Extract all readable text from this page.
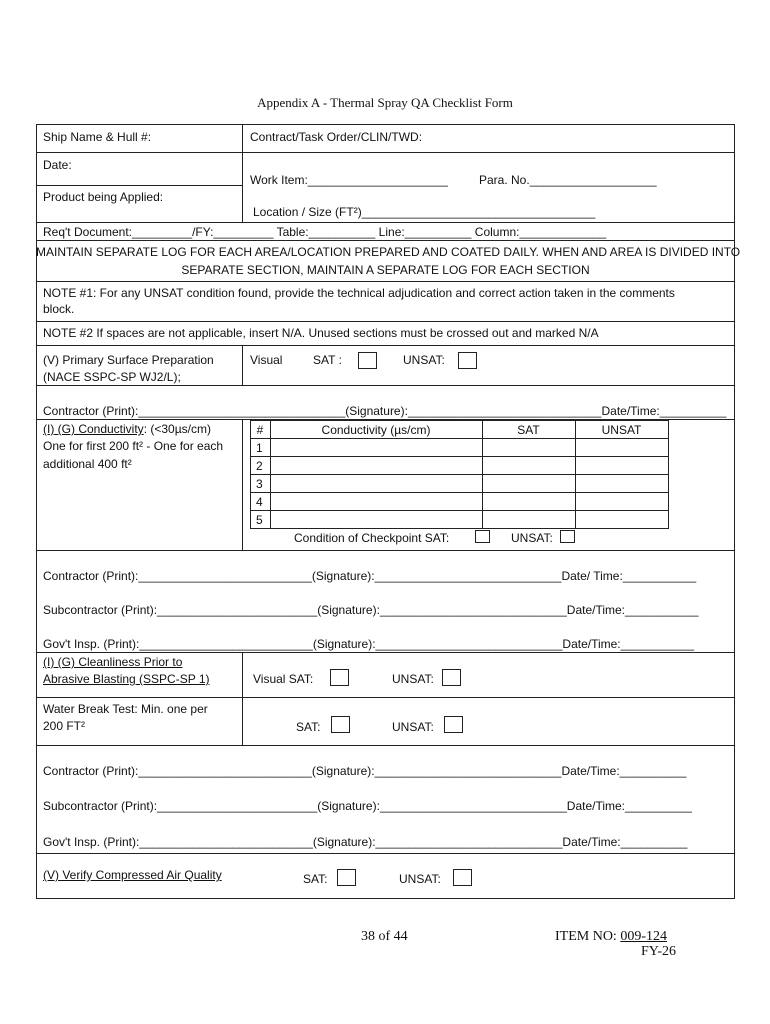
Appendix A - Thermal Spray QA Checklist Form
Ship Name & Hull #:	Contract/Task Order/CLIN/TWD:
Date:
Work Item:_____________________	Para. No.___________________
Product being Applied:
Location / Size (FT²)___________________________________
Req't Document:_________/FY:_________ Table:__________ Line:__________ Column:_____________
MAINTAIN SEPARATE LOG FOR EACH AREA/LOCATION PREPARED AND COATED DAILY. WHEN AND AREA IS DIVIDED INTO
SEPARATE SECTION, MAINTAIN A SEPARATE LOG FOR EACH SECTION
NOTE #1: For any UNSAT condition found, provide the technical adjudication and correct action taken in the comments
block.
NOTE #2 If spaces are not applicable, insert N/A. Unused sections must be crossed out and marked N/A
(V) Primary Surface Preparation
(NACE SSPC-SP WJ2/L);
Visual	SAT :	UNSAT:
Contractor (Print):_______________________________(Signature):_____________________________Date/Time:__________
(I) (G) Conductivity: (<30µs/cm)
One for first 200 ft² - One for each
additional 400 ft²
#	Conductivity (µs/cm)	SAT	UNSAT
1
2
3
4
5
Condition of Checkpoint SAT:	UNSAT:
Contractor (Print):__________________________(Signature):____________________________Date/ Time:___________
Subcontractor (Print):________________________(Signature):____________________________Date/Time:___________
Gov't Insp. (Print):__________________________(Signature):____________________________Date/Time:___________
(I) (G) Cleanliness Prior to
Abrasive Blasting (SSPC-SP 1)	Visual SAT:	UNSAT:
Water Break Test: Min. one per
200 FT²	SAT:	UNSAT:
Contractor (Print):__________________________(Signature):____________________________Date/Time:__________
Subcontractor (Print):________________________(Signature):____________________________Date/Time:__________
Gov't Insp. (Print):__________________________(Signature):____________________________Date/Time:__________
(V) Verify Compressed Air Quality	SAT:	UNSAT:
38 of 44	ITEM NO: 009-124
FY-26
